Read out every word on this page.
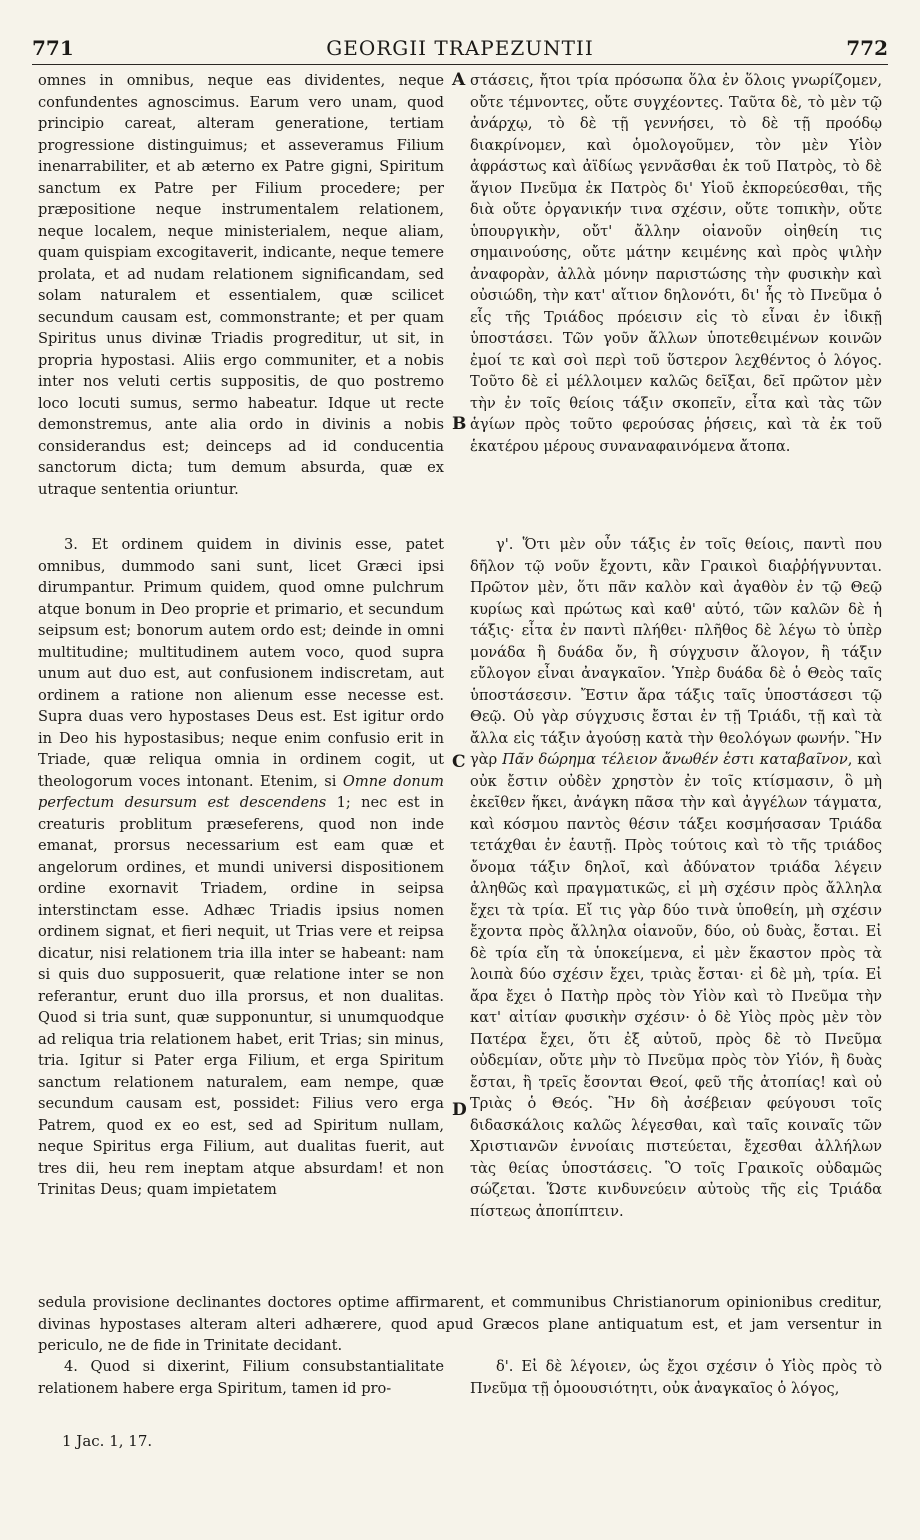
771	GEORGII TRAPEZUNTII	772

omnes in omnibus, neque eas dividentes, neque confundentes agnoscimus. Earum vero unam, quod principio careat, alteram generatione, tertiam progressione distinguimus; et asseveramus Filium inenarrabiliter, et ab æterno ex Patre gigni, Spiritum sanctum ex Patre per Filium procedere; per præpositione neque instrumentalem relationem, neque localem, neque ministerialem, neque aliam, quam quispiam excogitaverit, indicante, neque temere prolata, et ad nudam relationem significandam, sed solam naturalem et essentialem, quæ scilicet secundum causam est, commonstrante; et per quam Spiritus unus divinæ Triadis progreditur, ut sit, in propria hypostasi. Aliis ergo communiter, et a nobis inter nos veluti certis suppositis, de quo postremo loco locuti sumus, sermo habeatur. Idque ut recte demonstremus, ante alia ordo in divinis a nobis considerandus est; deinceps ad id conducentia sanctorum dicta; tum demum absurda, quæ ex utraque sententia oriuntur.

στάσεις, ἤτοι τρία πρόσωπα ὅλα ἐν ὅλοις γνωρίζομεν, οὔτε τέμνοντες, οὔτε συγχέοντες. Ταῦτα δὲ, τὸ μὲν τῷ ἀνάρχῳ, τὸ δὲ τῇ γεννήσει, τὸ δὲ τῇ προόδῳ διακρίνομεν, καὶ ὁμολογοῦμεν, τὸν μὲν Υἱὸν ἀφράστως καὶ ἀϊδίως γεννᾶσθαι ἐκ τοῦ Πατρὸς, τὸ δὲ ἅγιον Πνεῦμα ἐκ Πατρὸς δι' Υἱοῦ ἐκπορεύεσθαι, τῆς διὰ οὔτε ὀργανικήν τινα σχέσιν, οὔτε τοπικὴν, οὔτε ὑπουργικὴν, οὔτ' ἄλλην οἱανοῦν οἰηθείη τις σημαινούσης, οὔτε μάτην κειμένης καὶ πρὸς ψιλὴν ἀναφορὰν, ἀλλὰ μόνην παριστώσης τὴν φυσικὴν καὶ οὐσιώδη, τὴν κατ' αἴτιον δηλονότι, δι' ἧς τὸ Πνεῦμα ὁ εἷς τῆς Τριάδος πρόεισιν εἰς τὸ εἶναι ἐν ἰδικῇ ὑποστάσει. Τῶν γοῦν ἄλλων ὑποτεθειμένων κοινῶν ἐμοί τε καὶ σοὶ περὶ τοῦ ὕστερον λεχθέντος ὁ λόγος. Τοῦτο δὲ εἰ μέλλοιμεν καλῶς δεῖξαι, δεῖ πρῶτον μὲν τὴν ἐν τοῖς θείοις τάξιν σκοπεῖν, εἶτα καὶ τὰς τῶν ἁγίων πρὸς τοῦτο φερούσας ῥήσεις, καὶ τὰ ἐκ τοῦ ἑκατέρου μέρους συναναφαινόμενα ἄτοπα.

A
B
C
D

3. Et ordinem quidem in divinis esse, patet omnibus, dummodo sani sunt, licet Græci ipsi dirumpantur. Primum quidem, quod omne pulchrum atque bonum in Deo proprie et primario, et secundum seipsum est; bonorum autem ordo est; deinde in omni multitudine; multitudinem autem voco, quod supra unum aut duo est, aut confusionem indiscretam, aut ordinem a ratione non alienum esse necesse est. Supra duas vero hypostases Deus est. Est igitur ordo in Deo his hypostasibus; neque enim confusio erit in Triade, quæ reliqua omnia in ordinem cogit, ut theologorum voces intonant. Etenim, si Omne donum perfectum desursum est descendens 1; nec est in creaturis problitum præseferens, quod non inde emanat, prorsus necessarium est eam quæ et angelorum ordines, et mundi universi dispositionem ordine exornavit Triadem, ordine in seipsa interstinctam esse. Adhæc Triadis ipsius nomen ordinem signat, et fieri nequit, ut Trias vere et reipsa dicatur, nisi relationem tria illa inter se habeant: nam si quis duo supposuerit, quæ relatione inter se non referantur, erunt duo illa prorsus, et non dualitas. Quod si tria sunt, quæ supponuntur, si unumquodque ad reliqua tria relationem habet, erit Trias; sin minus, tria. Igitur si Pater erga Filium, et erga Spiritum sanctum relationem naturalem, eam nempe, quæ secundum causam est, possidet: Filius vero erga Patrem, quod ex eo est, sed ad Spiritum nullam, neque Spiritus erga Filium, aut dualitas fuerit, aut tres dii, heu rem ineptam atque absurdam! et non Trinitas Deus; quam impietatem

γ'. Ὅτι μὲν οὖν τάξις ἐν τοῖς θείοις, παντὶ που δῆλον τῷ νοῦν ἔχοντι, κἂν Γραικοὶ διαῤῥήγνυνται. Πρῶτον μὲν, ὅτι πᾶν καλὸν καὶ ἀγαθὸν ἐν τῷ Θεῷ κυρίως καὶ πρώτως καὶ καθ' αὑτό, τῶν καλῶν δὲ ἡ τάξις· εἶτα ἐν παντὶ πλήθει· πλῆθος δὲ λέγω τὸ ὑπὲρ μονάδα ἢ δυάδα ὄν, ἢ σύγχυσιν ἄλογον, ἢ τάξιν εὔλογον εἶναι ἀναγκαῖον. Ὑπὲρ δυάδα δὲ ὁ Θεὸς ταῖς ὑποστάσεσιν. Ἔστιν ἄρα τάξις ταῖς ὑποστάσεσι τῷ Θεῷ. Οὐ γὰρ σύγχυσις ἔσται ἐν τῇ Τριάδι, τῇ καὶ τὰ ἄλλα εἰς τάξιν ἀγούσῃ κατὰ τὴν θεολόγων φωνήν. Ἣν γὰρ Πᾶν δώρημα τέλειον ἄνωθέν ἐστι καταβαῖνον, καὶ οὐκ ἔστιν οὐδὲν χρηστὸν ἐν τοῖς κτίσμασιν, ὃ μὴ ἐκεῖθεν ἥκει, ἀνάγκη πᾶσα τὴν καὶ ἀγγέλων τάγματα, καὶ κόσμου παντὸς θέσιν τάξει κοσμήσασαν Τριάδα τετάχθαι ἐν ἑαυτῇ. Πρὸς τούτοις καὶ τὸ τῆς τριάδος ὄνομα τάξιν δηλοῖ, καὶ ἀδύνατον τριάδα λέγειν ἀληθῶς καὶ πραγματικῶς, εἰ μὴ σχέσιν πρὸς ἄλληλα ἔχει τὰ τρία. Εἴ τις γὰρ δύο τινὰ ὑποθείη, μὴ σχέσιν ἔχοντα πρὸς ἄλληλα οἱανοῦν, δύο, οὐ δυὰς, ἔσται. Εἰ δὲ τρία εἴη τὰ ὑποκείμενα, εἰ μὲν ἕκαστον πρὸς τὰ λοιπὰ δύο σχέσιν ἔχει, τριὰς ἔσται· εἰ δὲ μὴ, τρία. Εἰ ἄρα ἔχει ὁ Πατὴρ πρὸς τὸν Υἱὸν καὶ τὸ Πνεῦμα τὴν κατ' αἰτίαν φυσικὴν σχέσιν· ὁ δὲ Υἱὸς πρὸς μὲν τὸν Πατέρα ἔχει, ὅτι ἐξ αὐτοῦ, πρὸς δὲ τὸ Πνεῦμα οὐδεμίαν, οὔτε μὴν τὸ Πνεῦμα πρὸς τὸν Υἱόν, ἢ δυὰς ἔσται, ἢ τρεῖς ἔσονται Θεοί, φεῦ τῆς ἀτοπίας! καὶ οὐ Τριὰς ὁ Θεός. Ἣν δὴ ἀσέβειαν φεύγουσι τοῖς διδασκάλοις καλῶς λέγεσθαι, καὶ ταῖς κοιναῖς τῶν Χριστιανῶν ἐννοίαις πιστεύεται, ἔχεσθαι ἀλλήλων τὰς θείας ὑποστάσεις. Ὃ τοῖς Γραικοῖς οὐδαμῶς σώζεται. Ὥστε κινδυνεύειν αὐτοὺς τῆς εἰς Τριάδα πίστεως ἀποπίπτειν.

sedula provisione declinantes doctores optime affirmarent, et communibus Christianorum opinionibus creditur, divinas hypostases alteram alteri adhærere, quod apud Græcos plane antiquatum est, et jam versentur in periculo, ne de fide in Trinitate decidant.

4. Quod si dixerint, Filium consubstantialitate relationem habere erga Spiritum, tamen id pro-

δ'. Εἰ δὲ λέγοιεν, ὡς ἔχοι σχέσιν ὁ Υἱὸς πρὸς τὸ Πνεῦμα τῇ ὁμοουσιότητι, οὐκ ἀναγκαῖος ὁ λόγος,

1 Jac. 1, 17.
